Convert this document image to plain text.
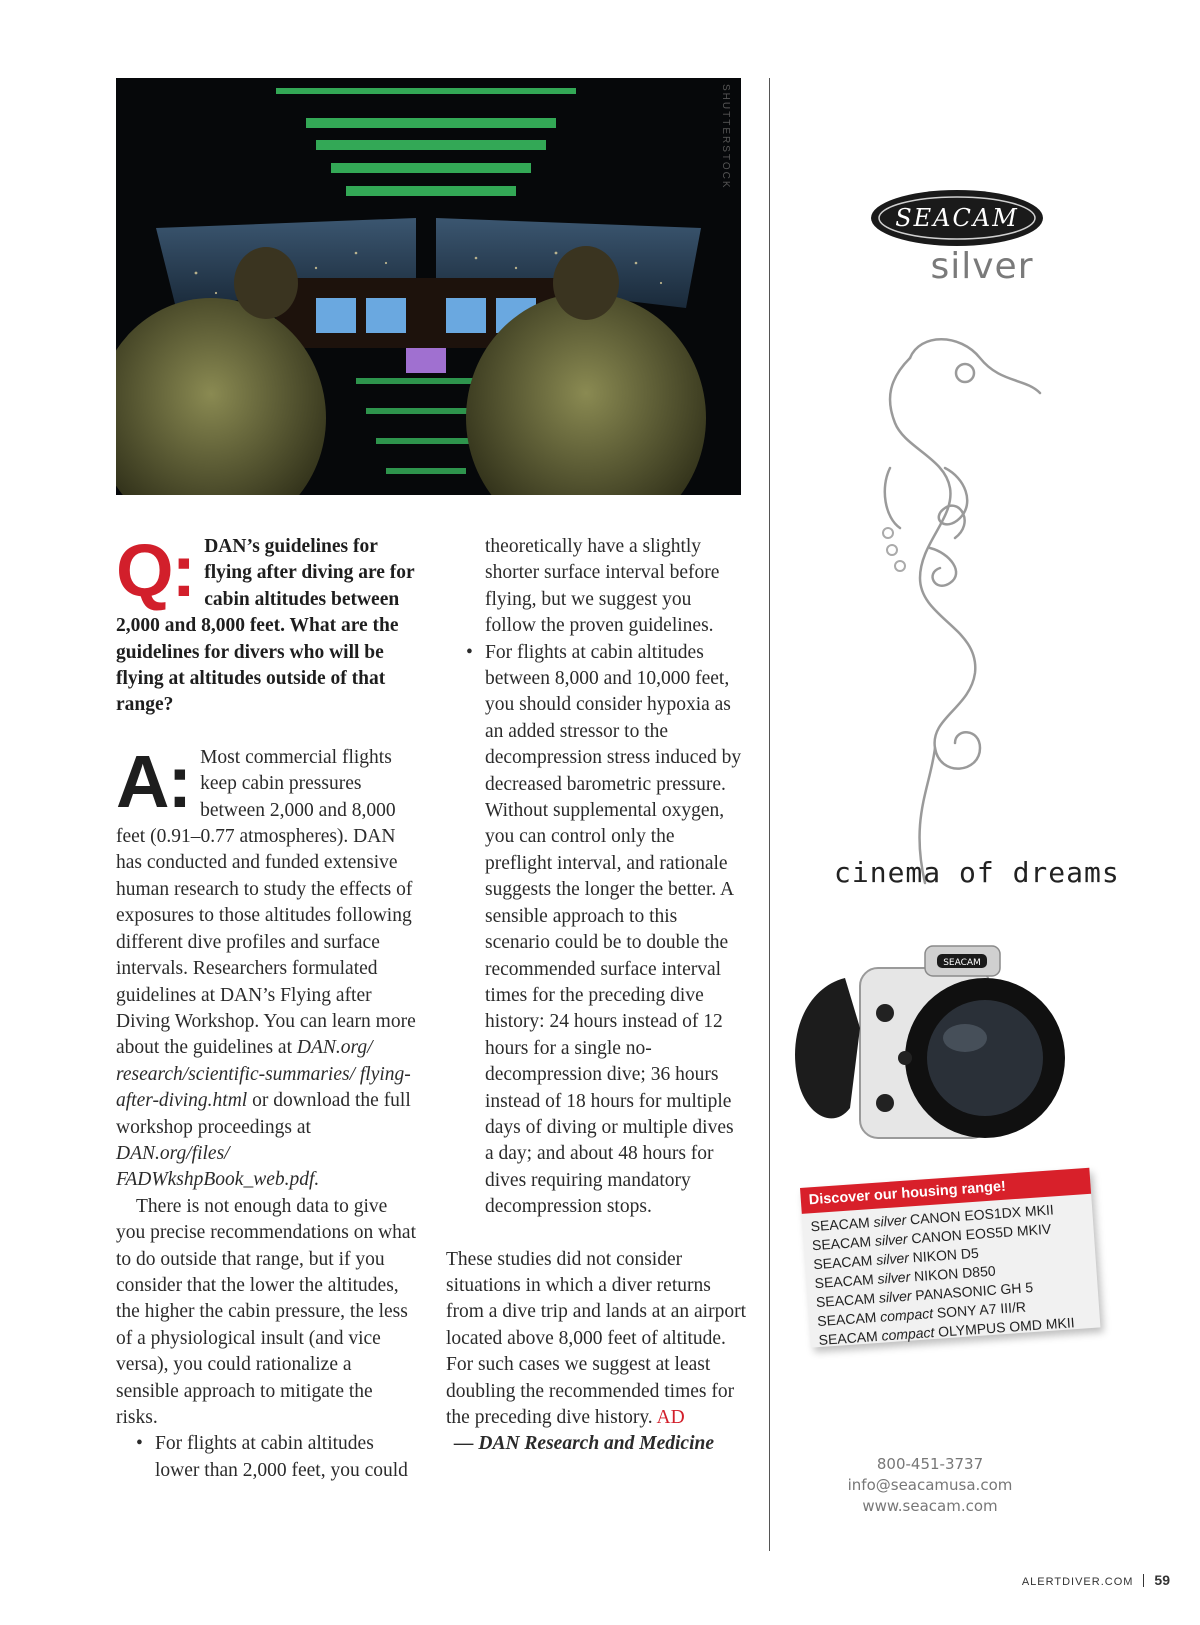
SHUTTERSTOCK

Q: DAN’s guidelines for flying after diving are for cabin altitudes between 2,000 and 8,000 feet. What are the guidelines for divers who will be flying at altitudes outside of that range?

A: Most commercial flights keep cabin pressures between 2,000 and 8,000 feet (0.91–0.77 atmospheres). DAN has conducted and funded extensive human research to study the effects of exposures to those altitudes following different dive profiles and surface intervals. Researchers formulated guidelines at DAN’s Flying after Diving Workshop. You can learn more about the guidelines at DAN.org/ research/scientific-summaries/ flying-after-diving.html or download the full workshop proceedings at DAN.org/files/ FADWkshpBook_web.pdf.

There is not enough data to give you precise recommendations on what to do outside that range, but if you consider that the lower the altitudes, the higher the cabin pressure, the less of a physiological insult (and vice versa), you could rationalize a sensible approach to mitigate the risks.

• For flights at cabin altitudes lower than 2,000 feet, you could

theoretically have a slightly shorter surface interval before flying, but we suggest you follow the proven guidelines.

• For flights at cabin altitudes between 8,000 and 10,000 feet, you should consider hypoxia as an added stressor to the decompression stress induced by decreased barometric pressure. Without supplemental oxygen, you can control only the preflight interval, and rationale suggests the longer the better. A sensible approach to this scenario could be to double the recommended surface interval times for the preceding dive history: 24 hours instead of 12 hours for a single no-decompression dive; 36 hours instead of 18 hours for multiple days of diving or multiple dives a day; and about 48 hours for dives requiring mandatory decompression stops.

These studies did not consider situations in which a diver returns from a dive trip and lands at an airport located above 8,000 feet of altitude. For such cases we suggest at least doubling the recommended times for the preceding dive history. AD

— DAN Research and Medicine

SEACAM
silver
cinema of dreams
SEACAM
Discover our housing range!
SEACAM silver CANON EOS1DX MKII
SEACAM silver CANON EOS5D MKIV
SEACAM silver NIKON D5
SEACAM silver NIKON D850
SEACAM silver PANASONIC GH 5
SEACAM compact SONY A7 III/R
SEACAM compact OLYMPUS OMD MKII
800-451-3737
info@seacamusa.com
www.seacam.com
ALERTDIVER.COM 59
